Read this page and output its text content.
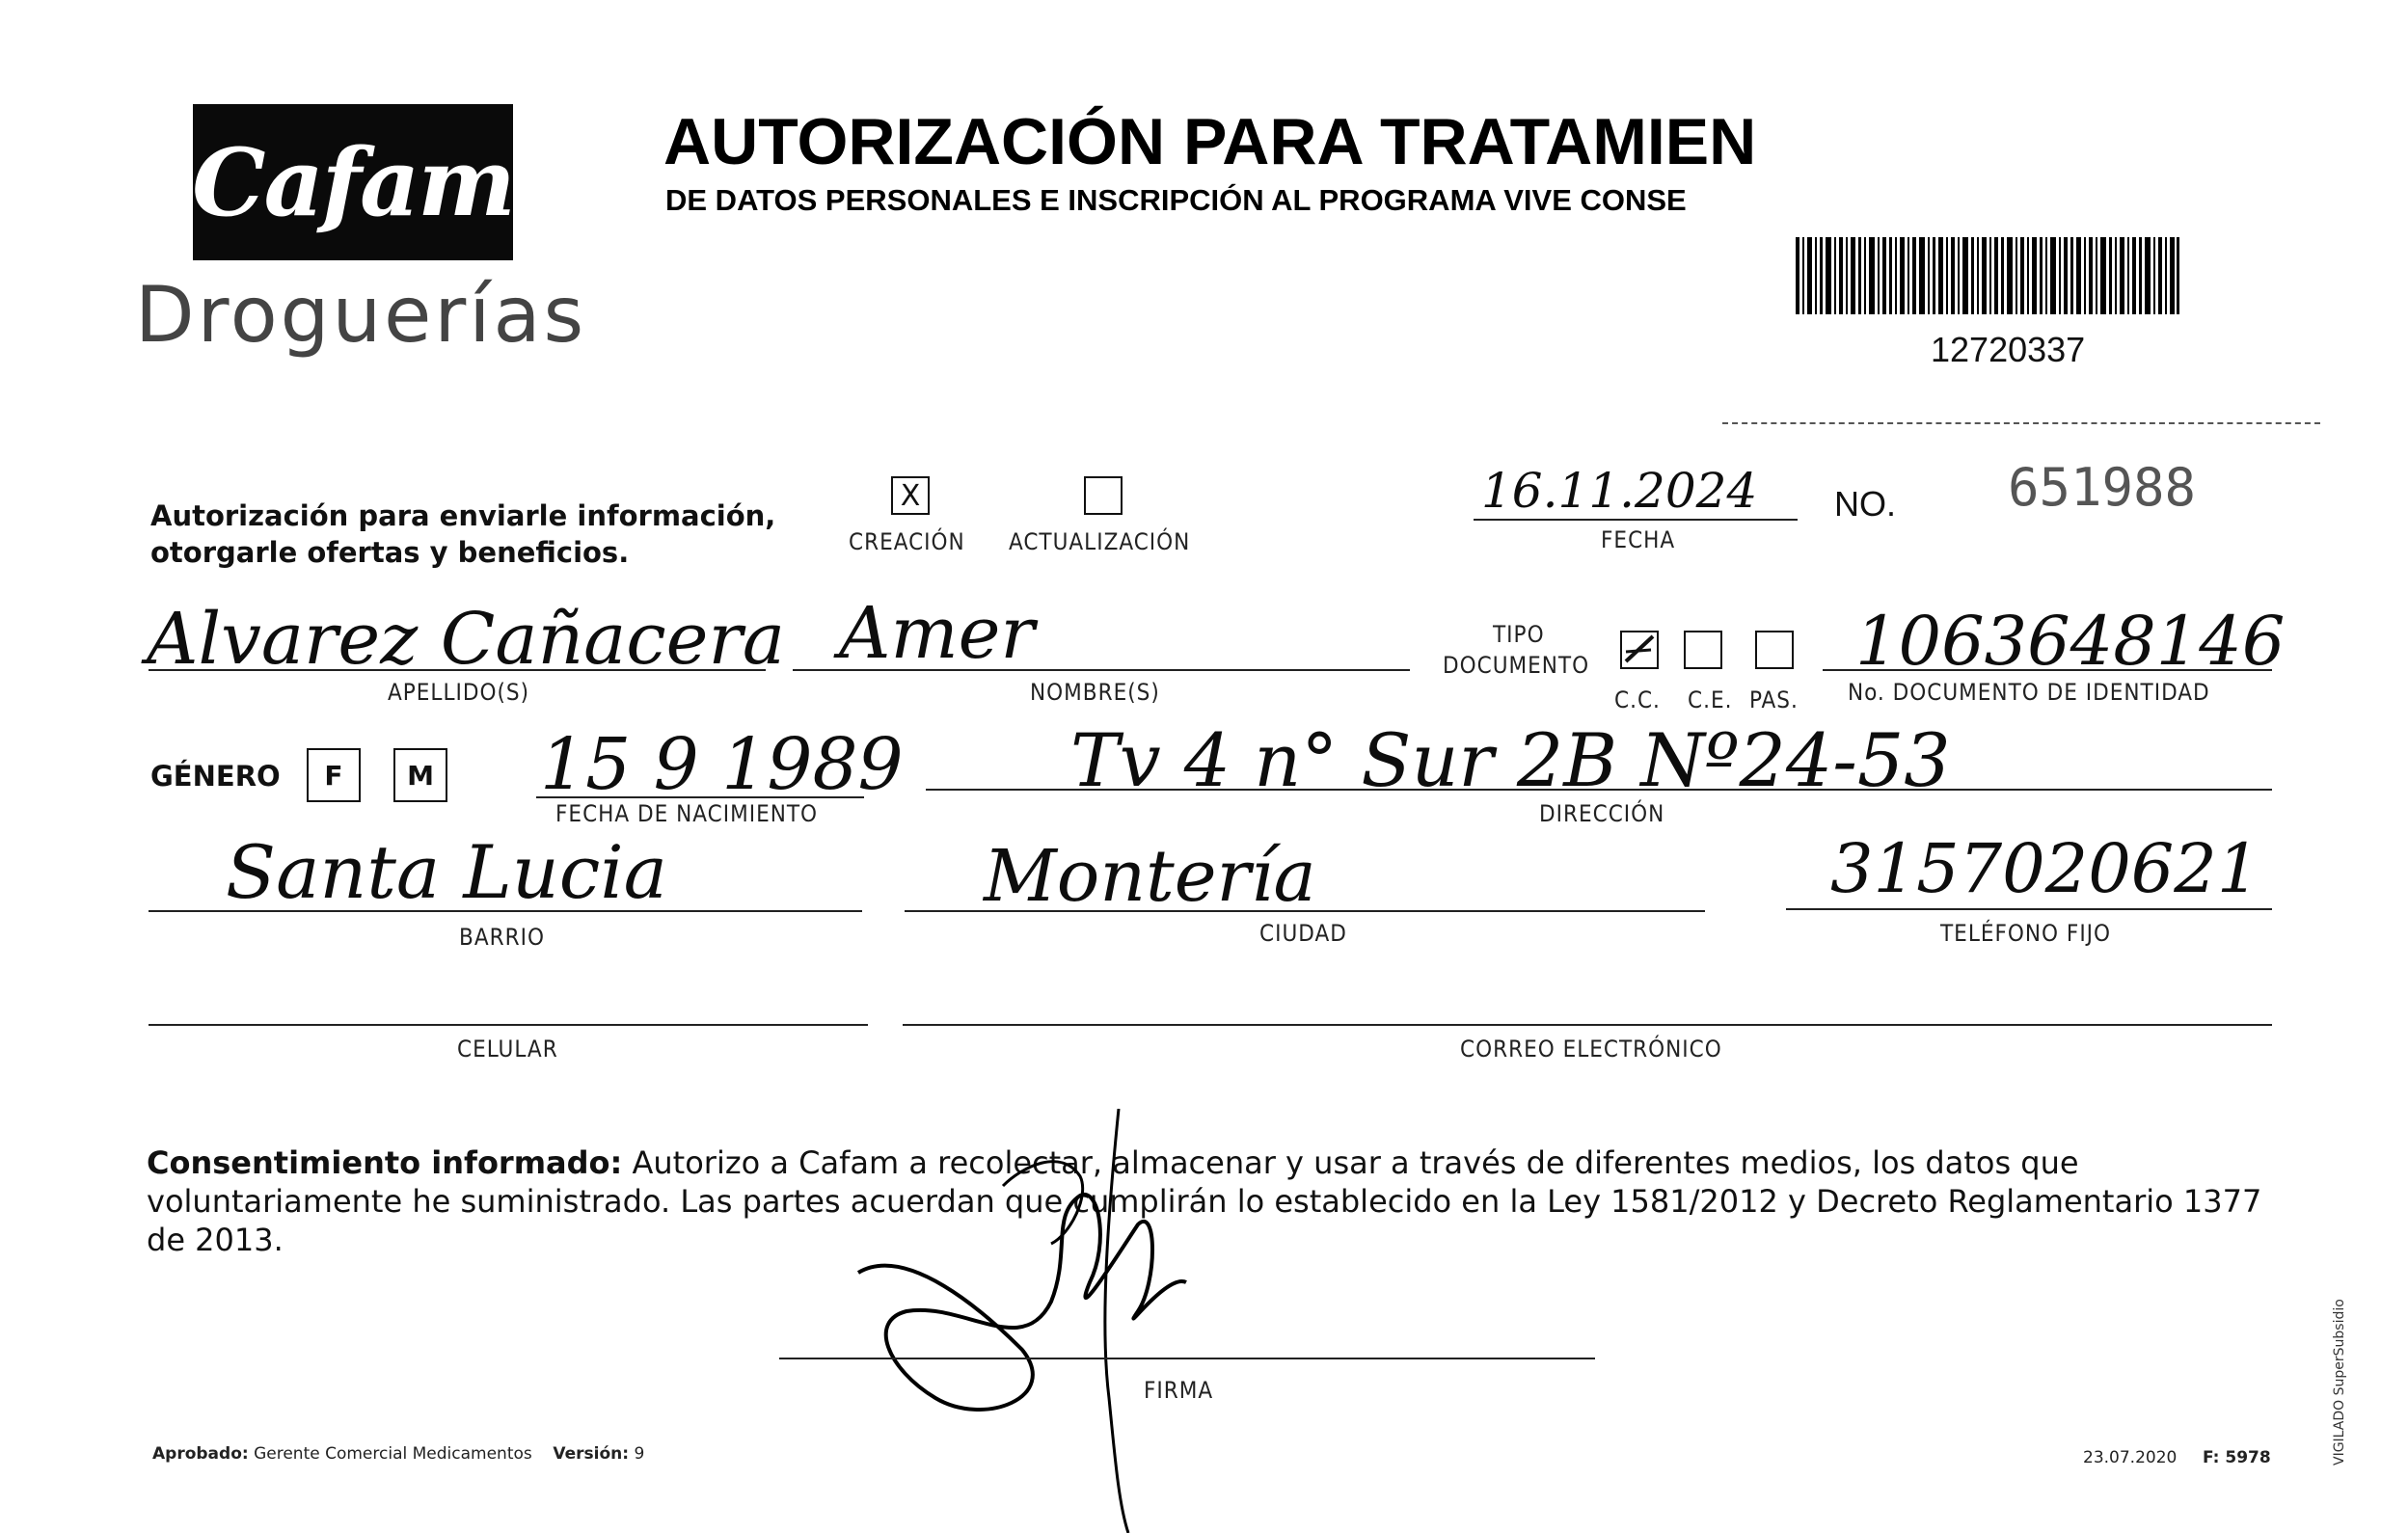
Cafam
Droguerías
AUTORIZACIÓN PARA TRATAMIEN
DE DATOS PERSONALES E INSCRIPCIÓN AL PROGRAMA VIVE CONSE
12720337
Autorización para enviarle información,
otorgarle ofertas y beneficios.
X
CREACIÓN ACTUALIZACIÓN
16.11.2024
FECHA
NO. 651988
Alvarez Cañacera
APELLIDO(S)
Amer
NOMBRE(S)
TIPO
DOCUMENTO
C.C. C.E. PAS.
1063648146
No. DOCUMENTO DE IDENTIDAD
GÉNERO F M 15 9 1989
FECHA DE NACIMIENTO
Tv 4 n° Sur 2B Nº24-53
DIRECCIÓN
Santa Lucia
BARRIO
Montería
CIUDAD
3157020621
TELÉFONO FIJO
CELULAR	CORREO ELECTRÓNICO
Consentimiento informado: Autorizo a Cafam a recolectar, almacenar y usar a través de diferentes medios, los datos que voluntariamente he suministrado. Las partes acuerdan que cumplirán lo establecido en la Ley 1581/2012 y Decreto Reglamentario 1377 de 2013.
FIRMA
Aprobado: Gerente Comercial Medicamentos Versión: 9	23.07.2020 F: 5978	VIGILADO SuperSubsidio
